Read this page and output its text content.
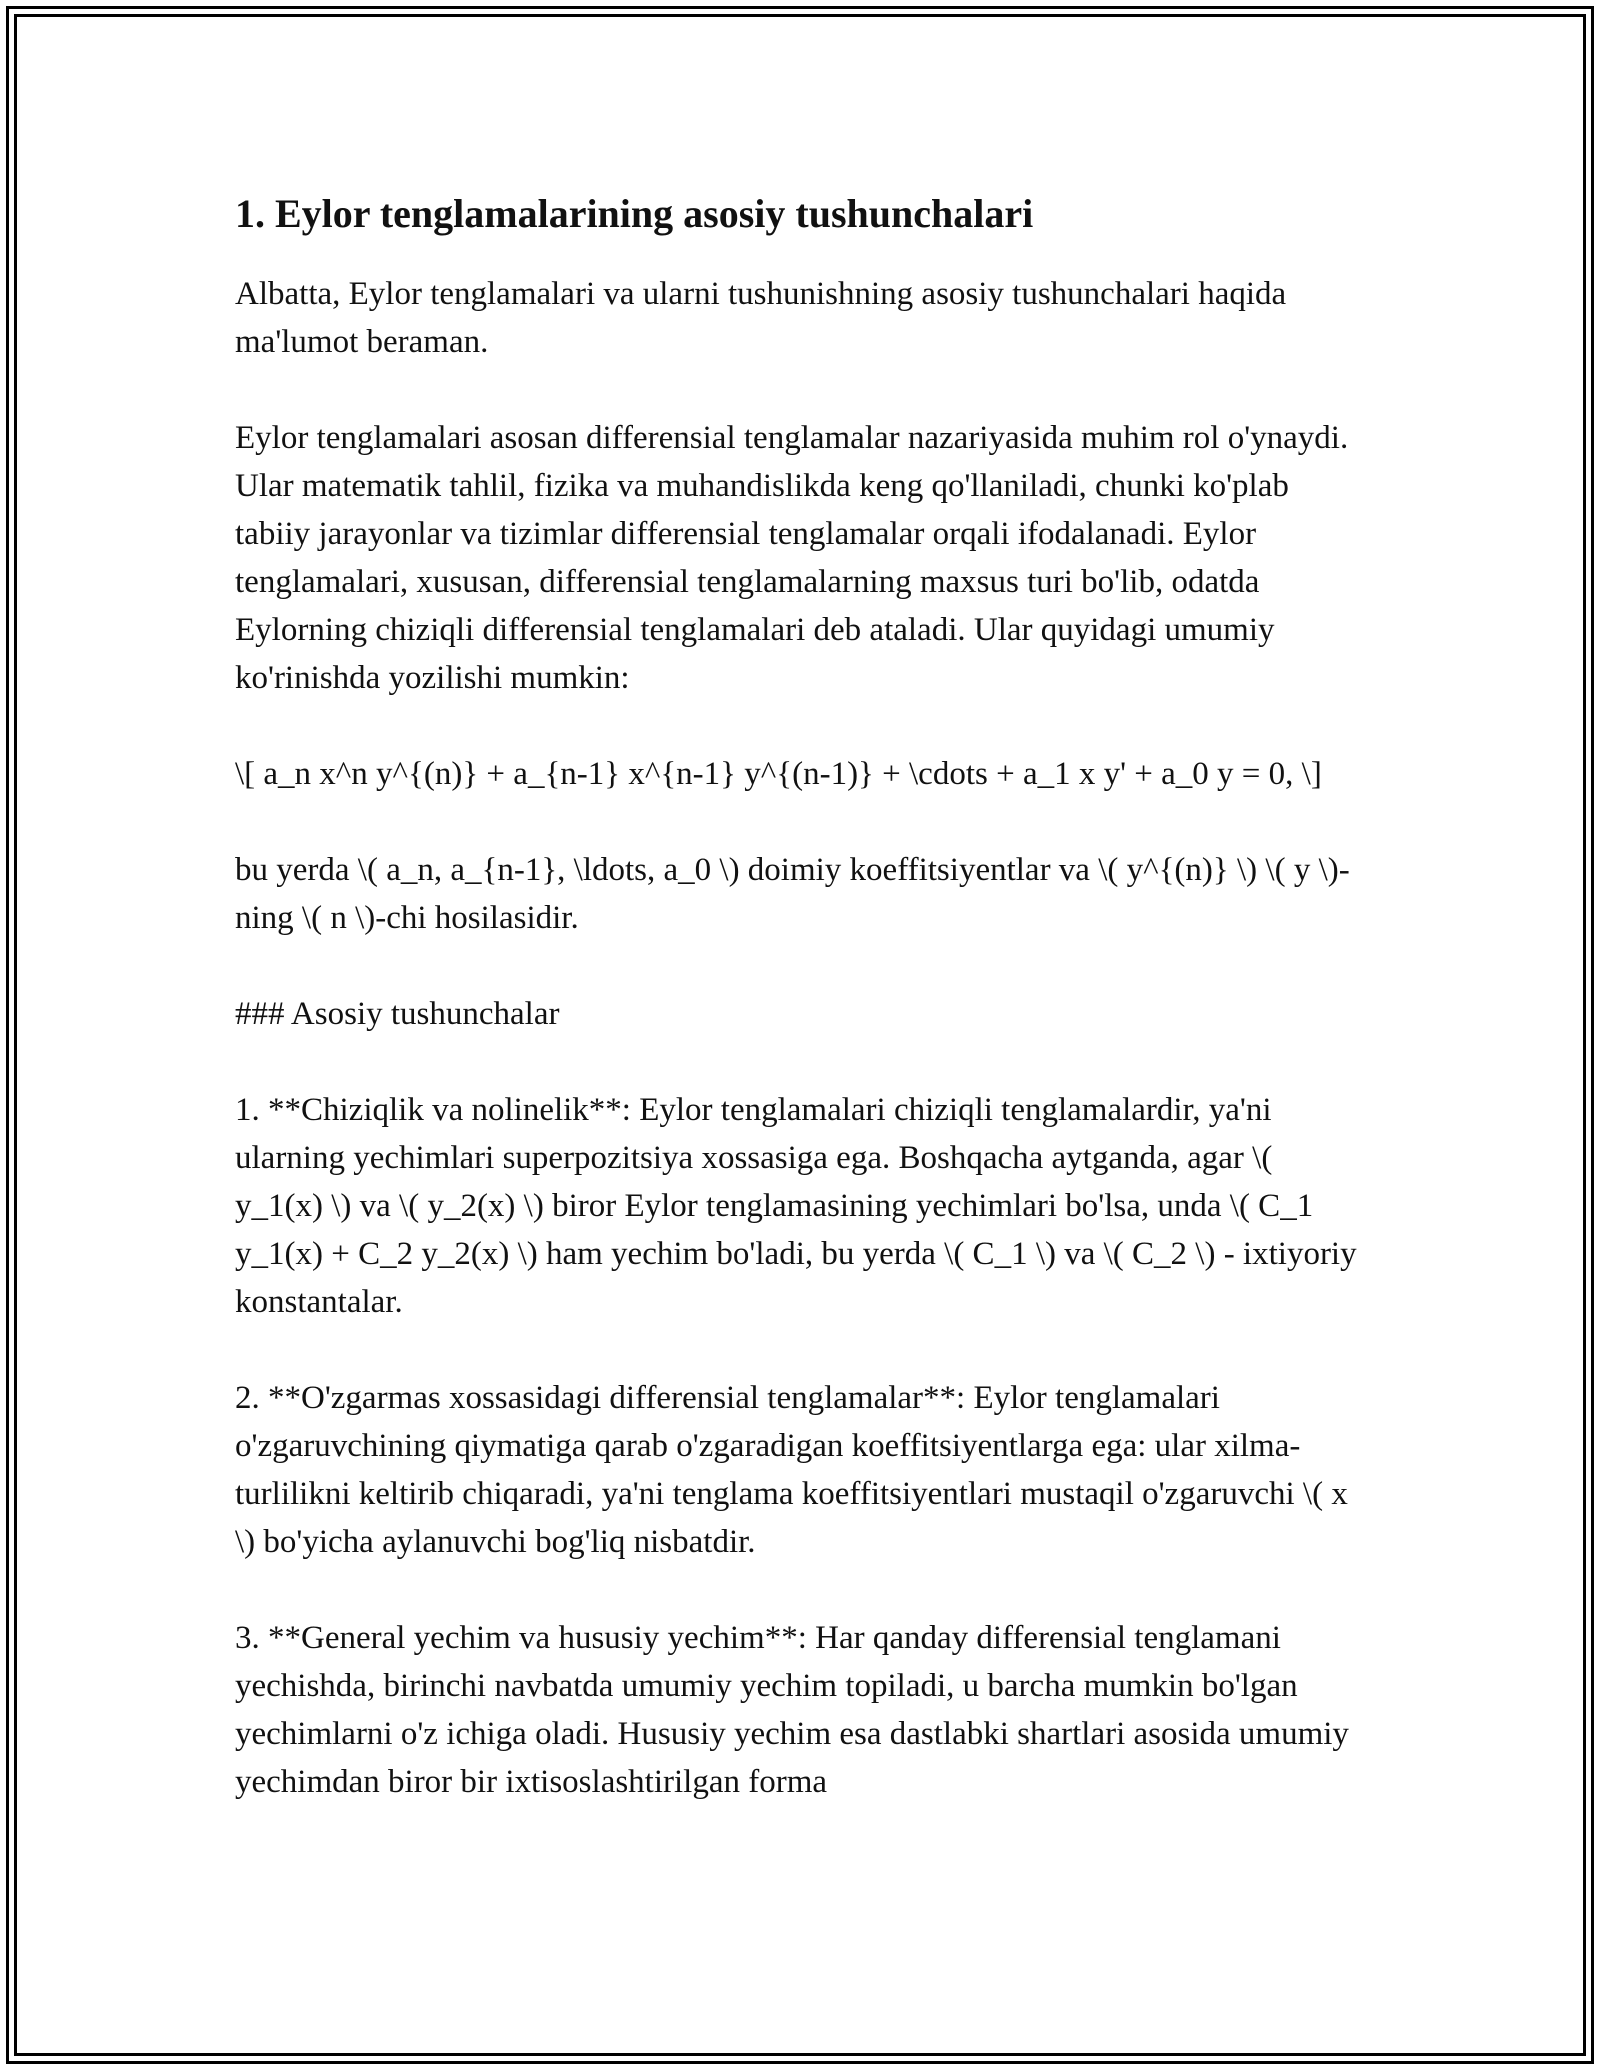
1. Eylor tenglamalarining asosiy tushunchalari

Albatta, Eylor tenglamalari va ularni tushunishning asosiy tushunchalari haqida ma'lumot beraman.

Eylor tenglamalari asosan differensial tenglamalar nazariyasida muhim rol o'ynaydi. Ular matematik tahlil, fizika va muhandislikda keng qo'llaniladi, chunki ko'plab tabiiy jarayonlar va tizimlar differensial tenglamalar orqali ifodalanadi. Eylor tenglamalari, xususan, differensial tenglamalarning maxsus turi bo'lib, odatda Eylorning chiziqli differensial tenglamalari deb ataladi. Ular quyidagi umumiy ko'rinishda yozilishi mumkin:

\[ a_n x^n y^{(n)} + a_{n-1} x^{n-1} y^{(n-1)} + \cdots + a_1 x y' + a_0 y = 0, \]

bu yerda \( a_n, a_{n-1}, \ldots, a_0 \) doimiy koeffitsiyentlar va \( y^{(n)} \) \( y \)-ning \( n \)-chi hosilasidir.

### Asosiy tushunchalar

1. **Chiziqlik va nolinelik**: Eylor tenglamalari chiziqli tenglamalardir, ya'ni ularning yechimlari superpozitsiya xossasiga ega. Boshqacha aytganda, agar \( y_1(x) \) va \( y_2(x) \) biror Eylor tenglamasining yechimlari bo'lsa, unda \( C_1 y_1(x) + C_2 y_2(x) \) ham yechim bo'ladi, bu yerda \( C_1 \) va \( C_2 \) - ixtiyoriy konstantalar.

2. **O'zgarmas xossasidagi differensial tenglamalar**: Eylor tenglamalari o'zgaruvchining qiymatiga qarab o'zgaradigan koeffitsiyentlarga ega: ular xilma-turlilikni keltirib chiqaradi, ya'ni tenglama koeffitsiyentlari mustaqil o'zgaruvchi \( x \) bo'yicha aylanuvchi bog'liq nisbatdir.

3. **General yechim va hususiy yechim**: Har qanday differensial tenglamani yechishda, birinchi navbatda umumiy yechim topiladi, u barcha mumkin bo'lgan yechimlarni o'z ichiga oladi. Hususiy yechim esa dastlabki shartlari asosida umumiy yechimdan biror bir ixtisoslashtirilgan forma
